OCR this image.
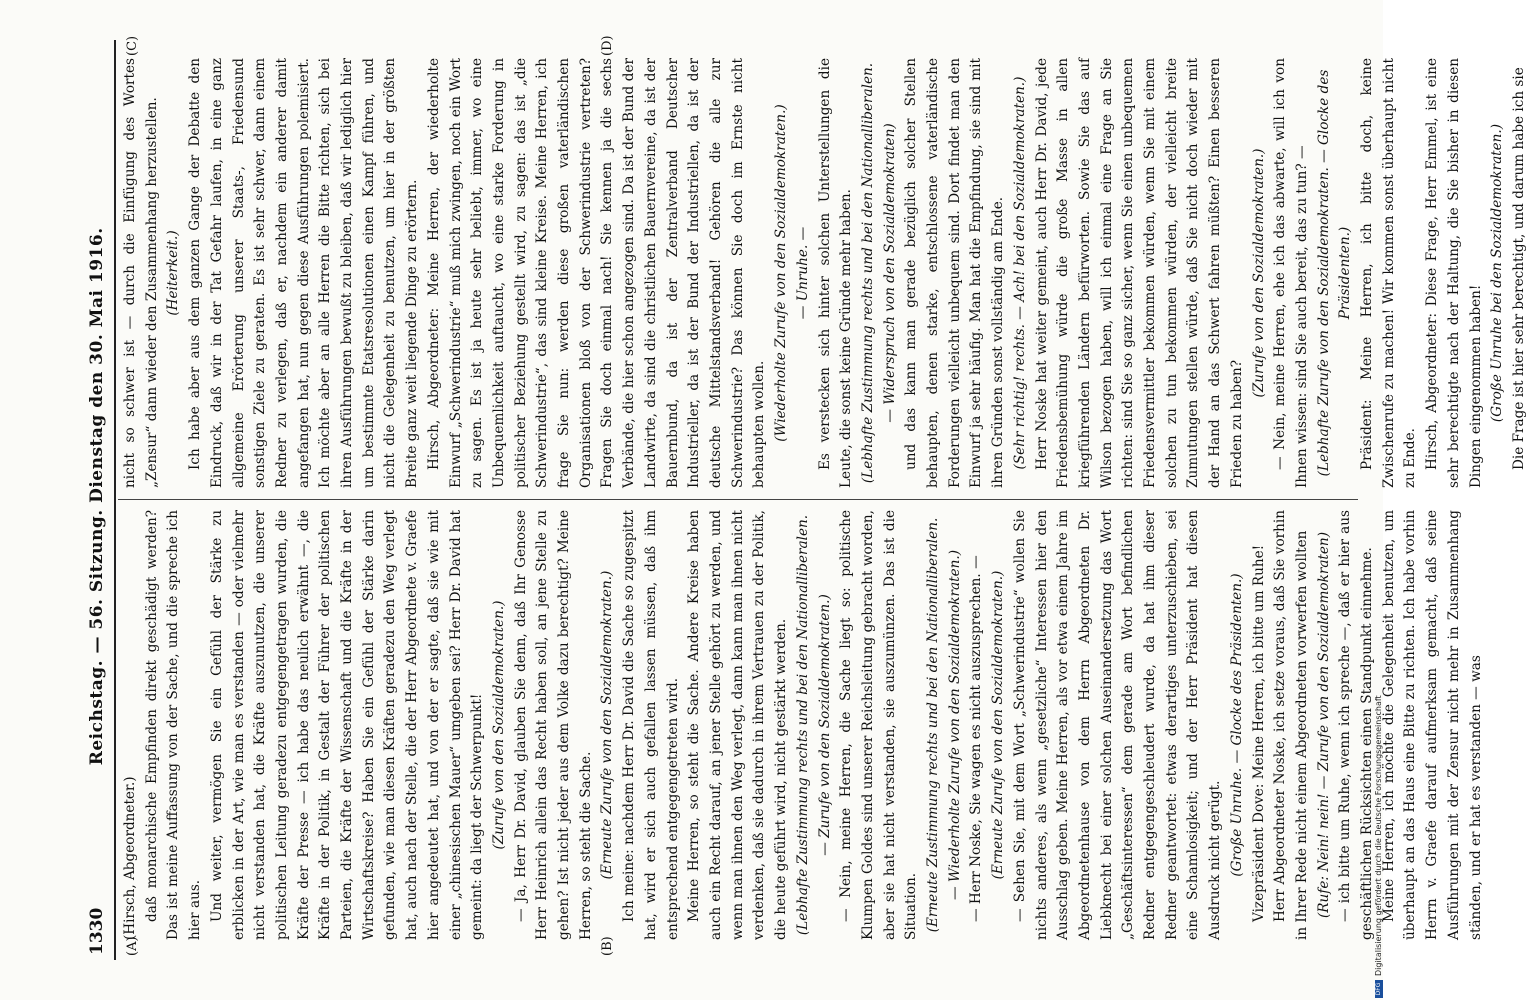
1330
Reichstag. — 56. Sitzung. Dienstag den 30. Mai 1916.
(A)	(B)
(C)	(D)

(Hirsch, Abgeordneter.) daß monarchische Empfinden direkt geschädigt werden? Das ist meine Auffassung von der Sache, und die spreche ich hier aus. Und weiter, vermögen Sie ein Gefühl der Stärke zu erblicken in der Art, wie man es verstanden — oder vielmehr nicht verstanden hat, die Kräfte auszunutzen, die unserer politischen Leitung geradezu entgegengetragen wurden, die Kräfte der Presse — ich habe das neulich erwähnt —, die Kräfte in der Politik, in Gestalt der Führer der politischen Parteien, die Kräfte der Wissenschaft und die Kräfte in der Wirtschaftskreise? Haben Sie ein Gefühl der Stärke darin gefunden, wie man diesen Kräften geradezu den Weg verlegt hat, auch nach der Stelle, die der Herr Abgeordnete v. Graefe hier angedeutet hat, und von der er sagte, daß sie wie mit einer „chinesischen Mauer“ umgeben sei? Herr Dr. David hat gemeint: da liegt der Schwerpunkt! (Zurufe von den Sozialdemokraten.) — Ja, Herr Dr. David, glauben Sie denn, daß Ihr Genosse Herr Heinrich allein das Recht haben soll, an jene Stelle zu gehen? Ist nicht jeder aus dem Volke dazu berechtigt? Meine Herren, so steht die Sache. (Erneute Zurufe von den Sozialdemokraten.) Ich meine: nachdem Herr Dr. David die Sache so zugespitzt hat, wird er sich auch gefallen lassen müssen, daß ihm entsprechend entgegengetreten wird. Meine Herren, so steht die Sache. Andere Kreise haben auch ein Recht darauf, an jener Stelle gehört zu werden, und wenn man ihnen den Weg verlegt, dann kann man ihnen nicht verdenken, daß sie dadurch in ihrem Vertrauen zu der Politik, die heute geführt wird, nicht gestärkt werden. (Lebhafte Zustimmung rechts und bei den Nationalliberalen. — Zurufe von den Sozialdemokraten.) — Nein, meine Herren, die Sache liegt so: politische Klumpen Goldes sind unserer Reichsleitung gebracht worden, aber sie hat nicht verstanden, sie auszumünzen. Das ist die Situation. (Erneute Zustimmung rechts und bei den Nationalliberalen. — Wiederholte Zurufe von den Sozialdemokraten.) — Herr Noske, Sie wagen es nicht auszusprechen. — (Erneute Zurufe von den Sozialdemokraten.) — Sehen Sie, mit dem Wort „Schwerindustrie“ wollen Sie nichts anderes, als wenn „gesetzliche“ Interessen hier den Ausschlag geben. Meine Herren, als vor etwa einem Jahre im Abgeordnetenhause von dem Herrn Abgeordneten Dr. Liebknecht bei einer solchen Auseinandersetzung das Wort „Geschäftsinteressen“ dem gerade am Wort befindlichen Redner entgegengeschleudert wurde, da hat ihm dieser Redner geantwortet: etwas derartiges unterzuschieben, sei eine Schamlosigkeit; und der Herr Präsident hat diesen Ausdruck nicht gerügt. (Große Unruhe. — Glocke des Präsidenten.) Vizepräsident Dove: Meine Herren, ich bitte um Ruhe! Herr Abgeordneter Noske, ich setze voraus, daß Sie vorhin in Ihrer Rede nicht einem Abgeordneten vorwerfen wollten (Rufe: Nein! nein! — Zurufe von den Sozialdemokraten) — ich bitte um Ruhe, wenn ich spreche —, daß er hier aus geschäftlichen Rücksichten einen Standpunkt einnehme. Meine Herren, ich möchte die Gelegenheit benutzen, um überhaupt an das Haus eine Bitte zu richten. Ich habe vorhin Herrn v. Graefe darauf aufmerksam gemacht, daß seine Ausführungen mit der Zensur nicht mehr in Zusammenhang ständen, und er hat es verstanden — was

nicht so schwer ist — durch die Einfügung des Wortes „Zensur“ dann wieder den Zusammenhang herzustellen. (Heiterkeit.) Ich habe aber aus dem ganzen Gange der Debatte den Eindruck, daß wir in der Tat Gefahr laufen, in eine ganz allgemeine Erörterung unserer Staats-, Friedensund sonstigen Ziele zu geraten. Es ist sehr schwer, dann einem Redner zu verlegen, daß er, nachdem ein anderer damit angefangen hat, nun gegen diese Ausführungen polemisiert. Ich möchte aber an alle Herren die Bitte richten, sich bei ihren Ausführungen bewußt zu bleiben, daß wir lediglich hier um bestimmte Etatsresolutionen einen Kampf führen, und nicht die Gelegenheit zu benutzen, um hier in der größten Breite ganz weit liegende Dinge zu erörtern. Hirsch, Abgeordneter: Meine Herren, der wiederholte Einwurf „Schwerindustrie“ muß mich zwingen, noch ein Wort zu sagen. Es ist ja heute sehr beliebt, immer, wo eine Unbequemlichkeit auftaucht, wo eine starke Forderung in politischer Beziehung gestellt wird, zu sagen: das ist „die Schwerindustrie“, das sind kleine Kreise. Meine Herren, ich frage Sie nun: werden diese großen vaterländischen Organisationen bloß von der Schwerindustrie vertreten? Fragen Sie doch einmal nach! Sie kennen ja die sechs Verbände, die hier schon angezogen sind. Da ist der Bund der Landwirte, da sind die christlichen Bauernvereine, da ist der Bauernbund, da ist der Zentralverband Deutscher Industrieller, da ist der Bund der Industriellen, da ist der deutsche Mittelstandsverband! Gehören die alle zur Schwerindustrie? Das können Sie doch im Ernste nicht behaupten wollen. (Wiederholte Zurufe von den Sozialdemokraten.) — Unruhe. — Es verstecken sich hinter solchen Unterstellungen die Leute, die sonst keine Gründe mehr haben. (Lebhafte Zustimmung rechts und bei den Nationalliberalen. — Widerspruch von den Sozialdemokraten) und das kann man gerade bezüglich solcher Stellen behaupten, denen starke, entschlossene vaterländische Forderungen vielleicht unbequem sind. Dort findet man den Einwurf ja sehr häufig. Man hat die Empfindung, sie sind mit ihren Gründen sonst vollständig am Ende. (Sehr richtig! rechts. — Ach! bei den Sozialdemokraten.) Herr Noske hat weiter gemeint, auch Herr Dr. David, jede Friedensbemühung würde die große Masse in allen kriegführenden Ländern befürworten. Sowie Sie das auf Wilson bezogen haben, will ich einmal eine Frage an Sie richten: sind Sie so ganz sicher, wenn Sie einen unbequemen Friedensvermittler bekommen würden, wenn Sie mit einem solchen zu tun bekommen würden, der vielleicht breite Zumutungen stellen würde, daß Sie nicht doch wieder mit der Hand an das Schwert fahren müßten? Einen besseren Frieden zu haben?

(Zurufe von den Sozialdemokraten.) — Nein, meine Herren, ehe ich das abwarte, will ich von Ihnen wissen: sind Sie auch bereit, das zu tun? — (Lebhafte Zurufe von den Sozialdemokraten. — Glocke des Präsidenten.) Präsident: Meine Herren, ich bitte doch, keine Zwischenrufe zu machen! Wir kommen sonst überhaupt nicht zu Ende. Hirsch, Abgeordneter: Diese Frage, Herr Emmel, ist eine sehr berechtigte nach der Haltung, die Sie bisher in diesen Dingen eingenommen haben! (Große Unruhe bei den Sozialdemokraten.) Die Frage ist hier sehr berechtigt, und darum habe ich sie

DFG
Digitalisierung gefördert durch die Deutsche Forschungsgemeinschaft
